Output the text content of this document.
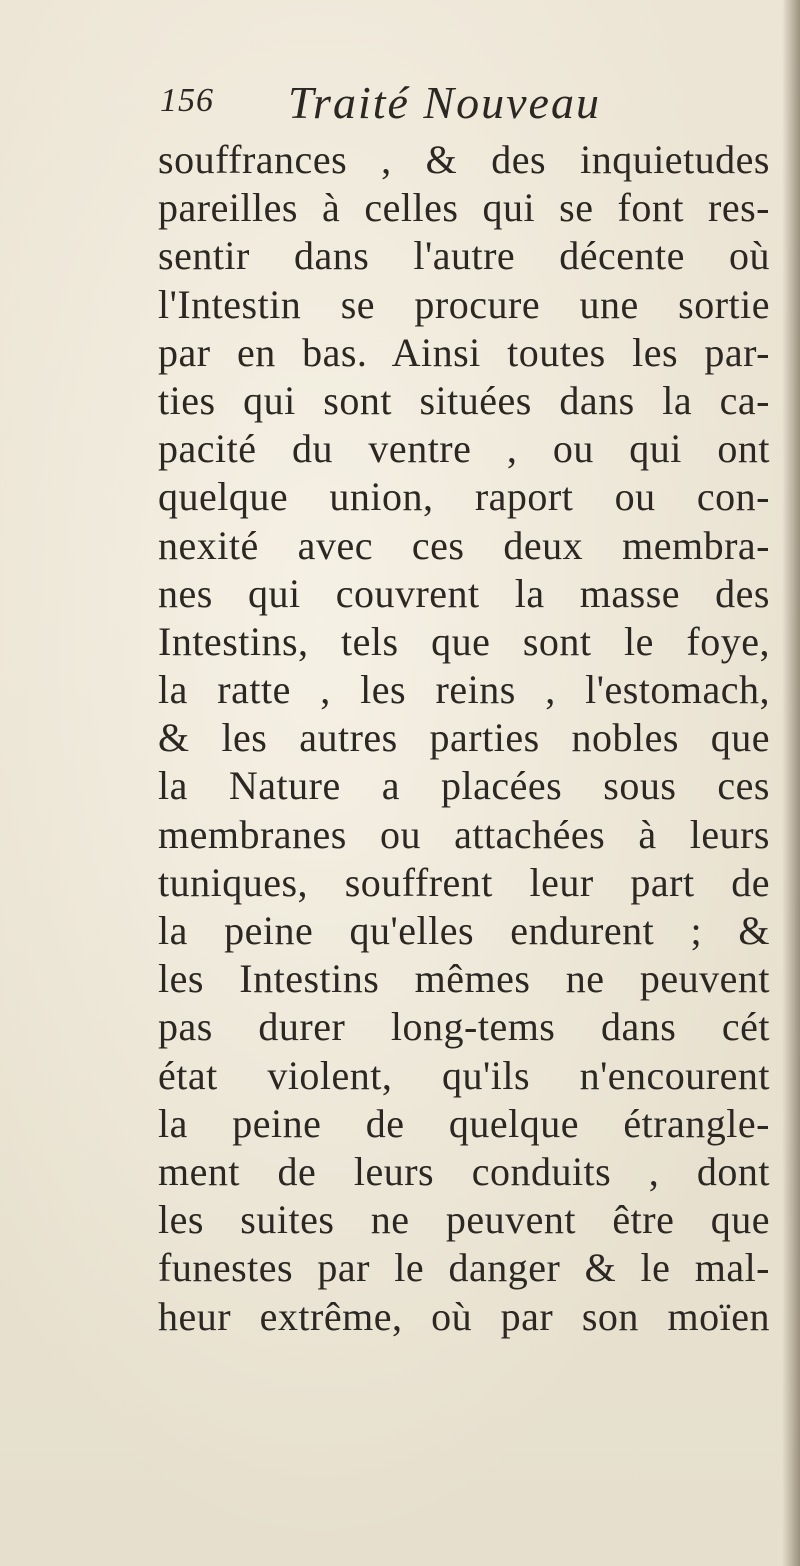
156 Traité Nouveau
souffrances , & des inquietudes
pareilles à celles qui se font res-
sentir dans l'autre décente où
l'Intestin se procure une sortie
par en bas. Ainsi toutes les par-
ties qui sont situées dans la ca-
pacité du ventre , ou qui ont
quelque union, raport ou con-
nexité avec ces deux membra-
nes qui couvrent la masse des
Intestins, tels que sont le foye,
la ratte , les reins , l'estomach,
& les autres parties nobles que
la Nature a placées sous ces
membranes ou attachées à leurs
tuniques, souffrent leur part de
la peine qu'elles endurent ; &
les Intestins mêmes ne peuvent
pas durer long-tems dans cét
état violent, qu'ils n'encourent
la peine de quelque étrangle-
ment de leurs conduits , dont
les suites ne peuvent être que
funestes par le danger & le mal-
heur extrême, où par son moïen
